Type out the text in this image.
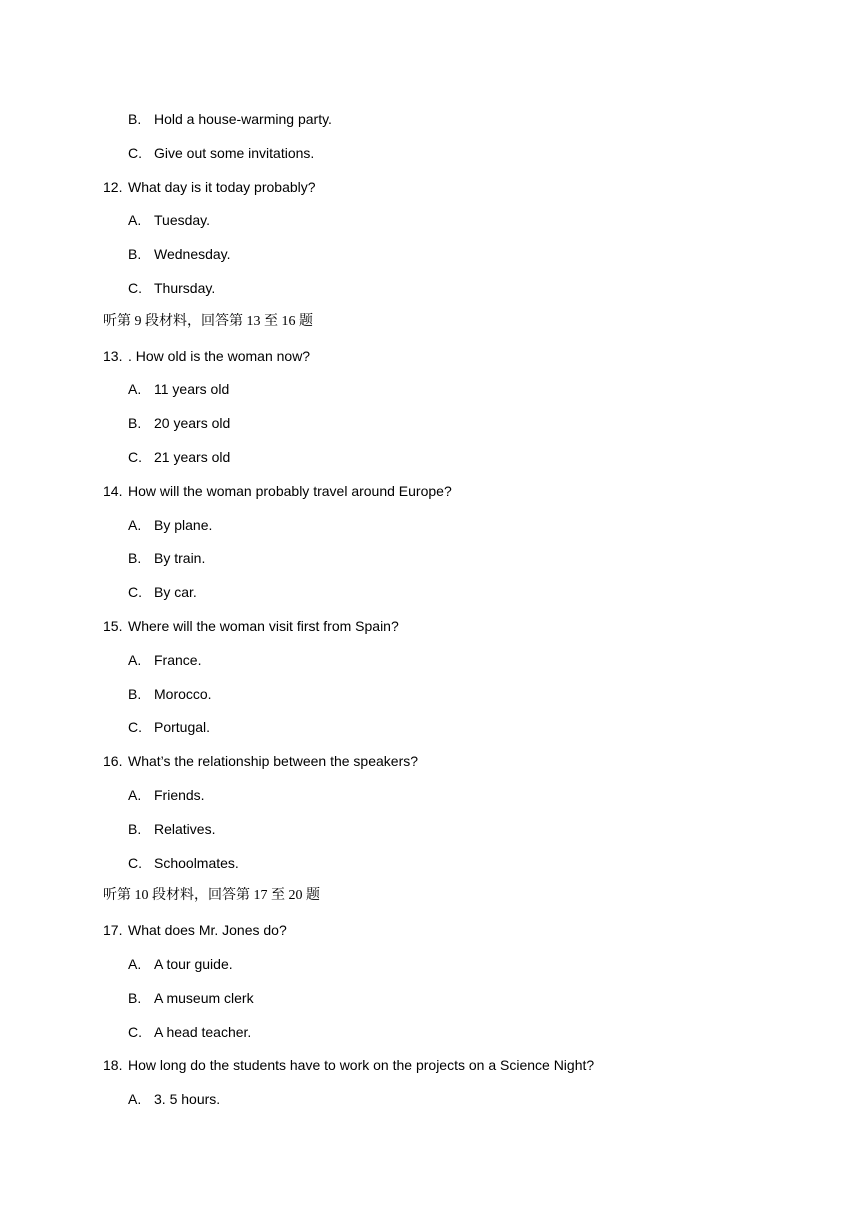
B. Hold a house-warming party.
C. Give out some invitations.
12. What day is it today probably?
A. Tuesday.
B. Wednesday.
C. Thursday.
听第 9 段材料，回答第 13 至 16 题
13. . How old is the woman now?
A. 11 years old
B. 20 years old
C. 21 years old
14. How will the woman probably travel around Europe?
A. By plane.
B. By train.
C. By car.
15. Where will the woman visit first from Spain?
A. France.
B. Morocco.
C. Portugal.
16. What’s the relationship between the speakers?
A. Friends.
B. Relatives.
C. Schoolmates.
听第 10 段材料，回答第 17 至 20 题
17. What does Mr. Jones do?
A. A tour guide.
B. A museum clerk
C. A head teacher.
18. How long do the students have to work on the projects on a Science Night?
A. 3. 5 hours.
